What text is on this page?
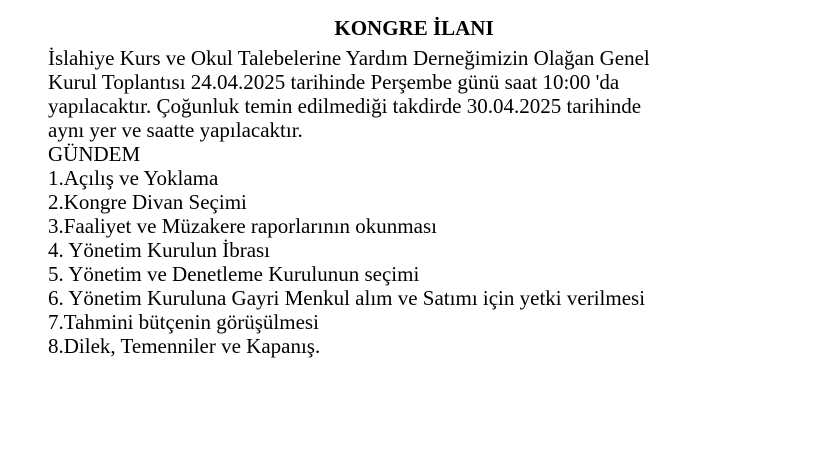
KONGRE İLANI
İslahiye Kurs ve Okul Talebelerine Yardım Derneğimizin Olağan Genel
Kurul Toplantısı 24.04.2025 tarihinde Perşembe günü saat 10:00 'da
yapılacaktır. Çoğunluk temin edilmediği takdirde 30.04.2025 tarihinde
aynı yer ve saatte yapılacaktır.
GÜNDEM
1.Açılış ve Yoklama
2.Kongre Divan Seçimi
3.Faaliyet ve Müzakere raporlarının okunması
4. Yönetim Kurulun İbrası
5. Yönetim ve Denetleme Kurulunun seçimi
6. Yönetim Kuruluna Gayri Menkul alım ve Satımı için yetki verilmesi
7.Tahmini bütçenin görüşülmesi
8.Dilek, Temenniler ve Kapanış.
